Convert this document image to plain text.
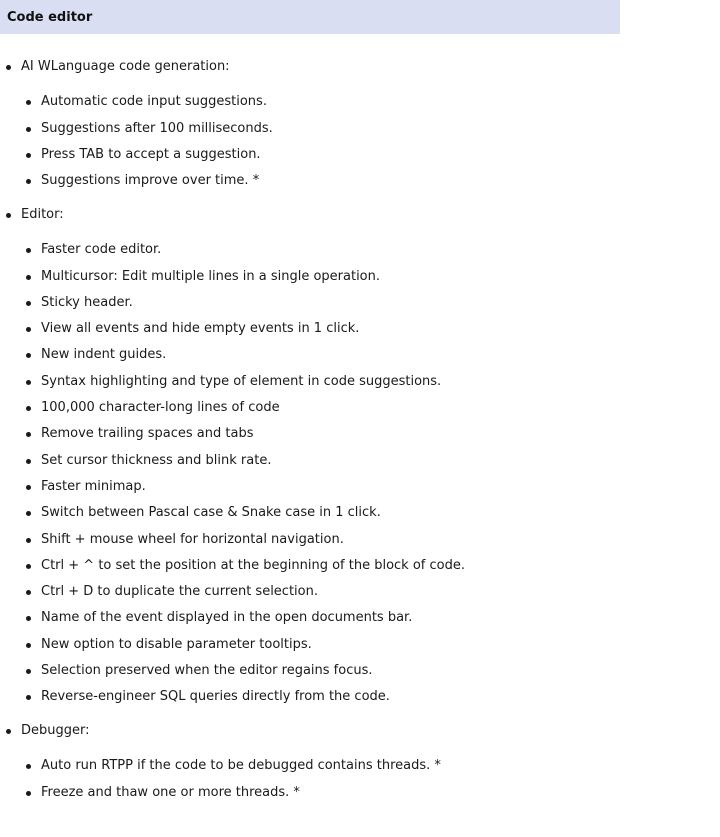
Code editor
AI WLanguage code generation:
Automatic code input suggestions.
Suggestions after 100 milliseconds.
Press TAB to accept a suggestion.
Suggestions improve over time. *
Editor:
Faster code editor.
Multicursor: Edit multiple lines in a single operation.
Sticky header.
View all events and hide empty events in 1 click.
New indent guides.
Syntax highlighting and type of element in code suggestions.
100,000 character-long lines of code
Remove trailing spaces and tabs
Set cursor thickness and blink rate.
Faster minimap.
Switch between Pascal case & Snake case in 1 click.
Shift + mouse wheel for horizontal navigation.
Ctrl + ^ to set the position at the beginning of the block of code.
Ctrl + D to duplicate the current selection.
Name of the event displayed in the open documents bar.
New option to disable parameter tooltips.
Selection preserved when the editor regains focus.
Reverse-engineer SQL queries directly from the code.
Debugger:
Auto run RTPP if the code to be debugged contains threads. *
Freeze and thaw one or more threads. *
